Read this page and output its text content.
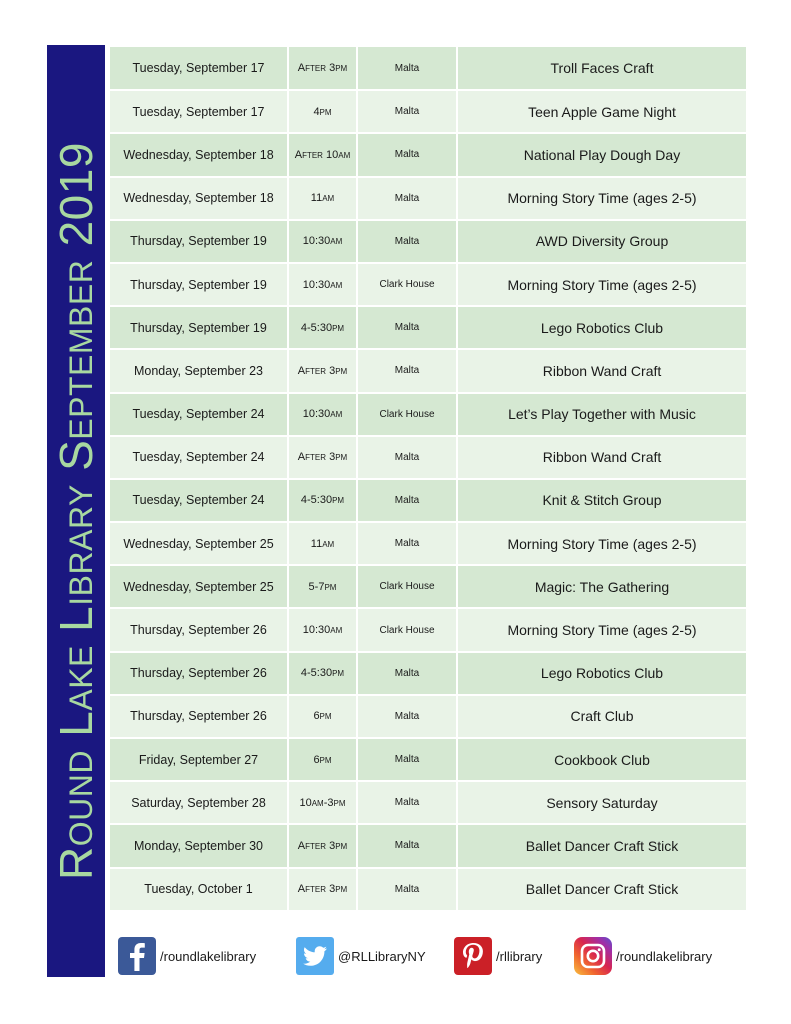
Round Lake Library September 2019
Tuesday, September 17	After 3pm	Malta	Troll Faces Craft
Tuesday, September 17	4pm	Malta	Teen Apple Game Night
Wednesday, September 18	After 10am	Malta	National Play Dough Day
Wednesday, September 18	11am	Malta	Morning Story Time (ages 2-5)
Thursday, September 19	10:30am	Malta	AWD Diversity Group
Thursday, September 19	10:30am	Clark House	Morning Story Time (ages 2-5)
Thursday, September 19	4-5:30pm	Malta	Lego Robotics Club
Monday, September 23	After 3pm	Malta	Ribbon Wand Craft
Tuesday, September 24	10:30am	Clark House	Let’s Play Together with Music
Tuesday, September 24	After 3pm	Malta	Ribbon Wand Craft
Tuesday, September 24	4-5:30pm	Malta	Knit & Stitch Group
Wednesday, September 25	11am	Malta	Morning Story Time (ages 2-5)
Wednesday, September 25	5-7pm	Clark House	Magic: The Gathering
Thursday, September 26	10:30am	Clark House	Morning Story Time (ages 2-5)
Thursday, September 26	4-5:30pm	Malta	Lego Robotics Club
Thursday, September 26	6pm	Malta	Craft Club
Friday, September 27	6pm	Malta	Cookbook Club
Saturday, September 28	10am-3pm	Malta	Sensory Saturday
Monday, September 30	After 3pm	Malta	Ballet Dancer Craft Stick
Tuesday, October 1	After 3pm	Malta	Ballet Dancer Craft Stick
/roundlakelibrary	@RLLibraryNY	/rllibrary	/roundlakelibrary
